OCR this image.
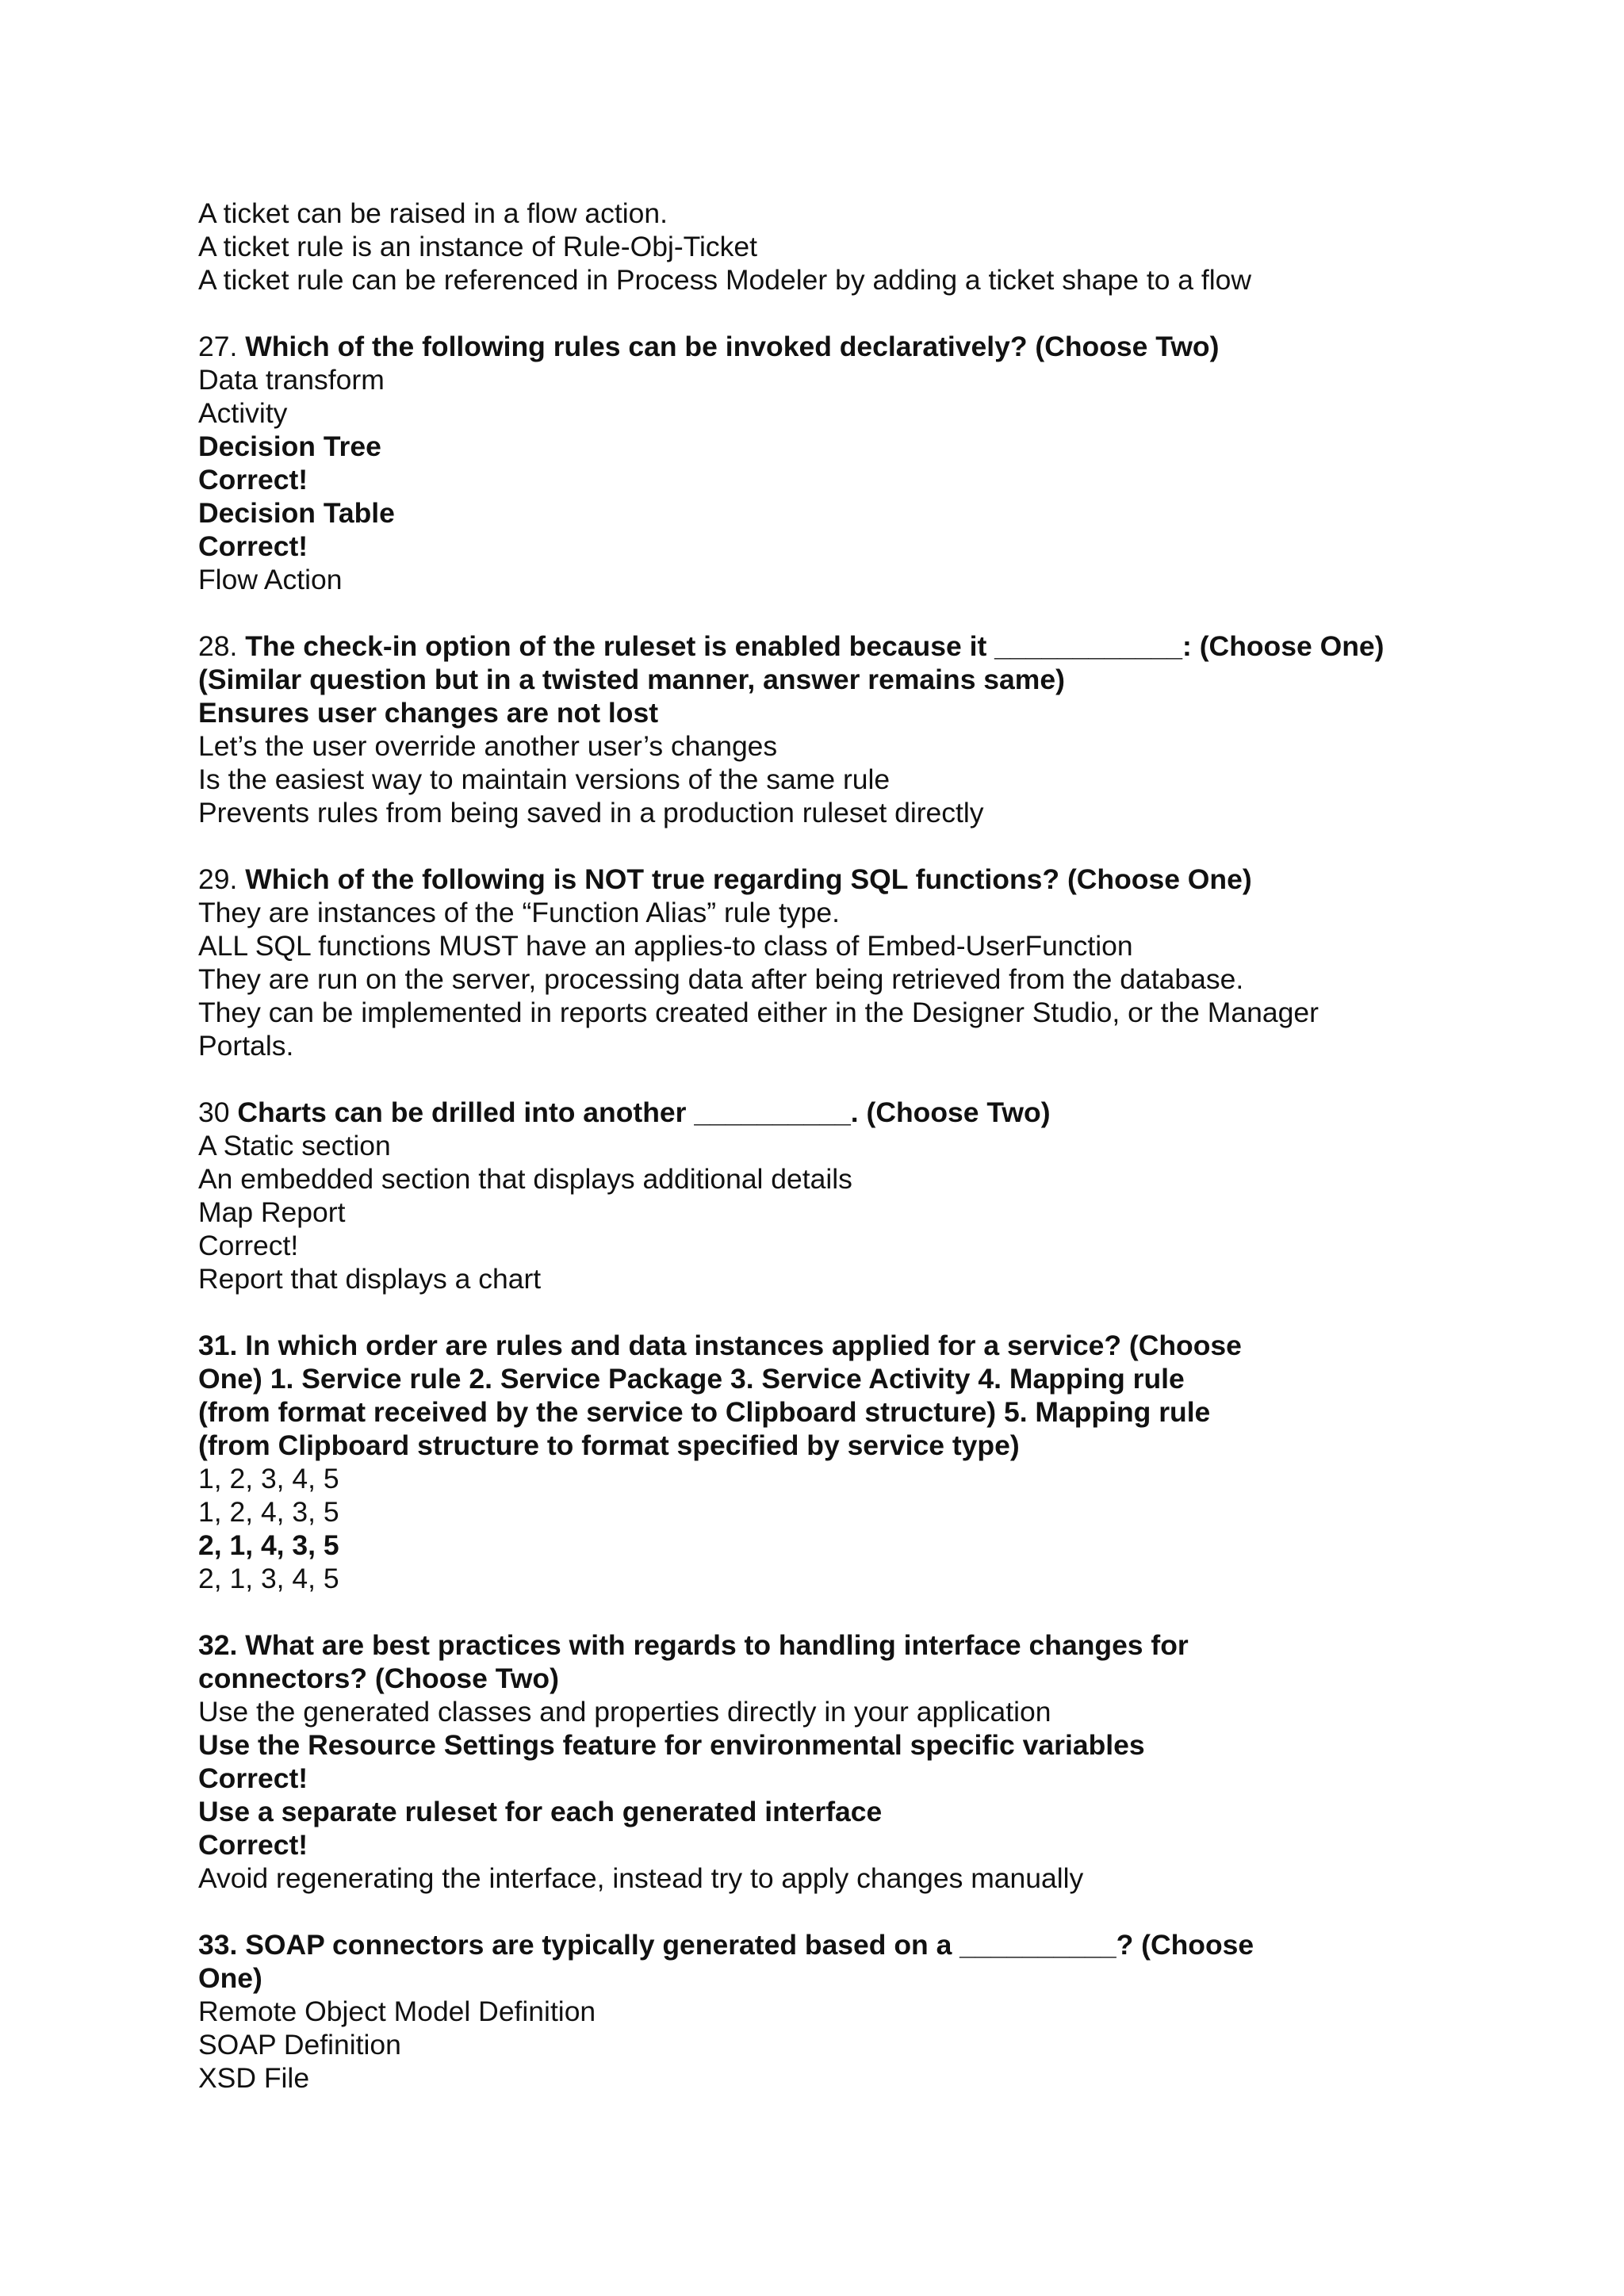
A ticket can be raised in a flow action.
A ticket rule is an instance of Rule-Obj-Ticket
A ticket rule can be referenced in Process Modeler by adding a ticket shape to a flow
27. Which of the following rules can be invoked declaratively? (Choose Two)
Data transform
Activity
Decision Tree
Correct!
Decision Table
Correct!
Flow Action
28. The check-in option of the ruleset is enabled because it ____________: (Choose One)
(Similar question but in a twisted manner, answer remains same)
Ensures user changes are not lost
Let’s the user override another user’s changes
Is the easiest way to maintain versions of the same rule
Prevents rules from being saved in a production ruleset directly
29. Which of the following is NOT true regarding SQL functions? (Choose One)
They are instances of the “Function Alias” rule type.
ALL SQL functions MUST have an applies-to class of Embed-UserFunction
They are run on the server, processing data after being retrieved from the database.
They can be implemented in reports created either in the Designer Studio, or the Manager
Portals.
30 Charts can be drilled into another __________. (Choose Two)
A Static section
An embedded section that displays additional details
Map Report
Correct!
Report that displays a chart
31. In which order are rules and data instances applied for a service? (Choose
One) 1. Service rule 2. Service Package 3. Service Activity 4. Mapping rule
(from format received by the service to Clipboard structure) 5. Mapping rule
(from Clipboard structure to format specified by service type)
1, 2, 3, 4, 5
1, 2, 4, 3, 5
2, 1, 4, 3, 5
2, 1, 3, 4, 5
32. What are best practices with regards to handling interface changes for
connectors? (Choose Two)
Use the generated classes and properties directly in your application
Use the Resource Settings feature for environmental specific variables
Correct!
Use a separate ruleset for each generated interface
Correct!
Avoid regenerating the interface, instead try to apply changes manually
33. SOAP connectors are typically generated based on a __________? (Choose
One)
Remote Object Model Definition
SOAP Definition
XSD File
